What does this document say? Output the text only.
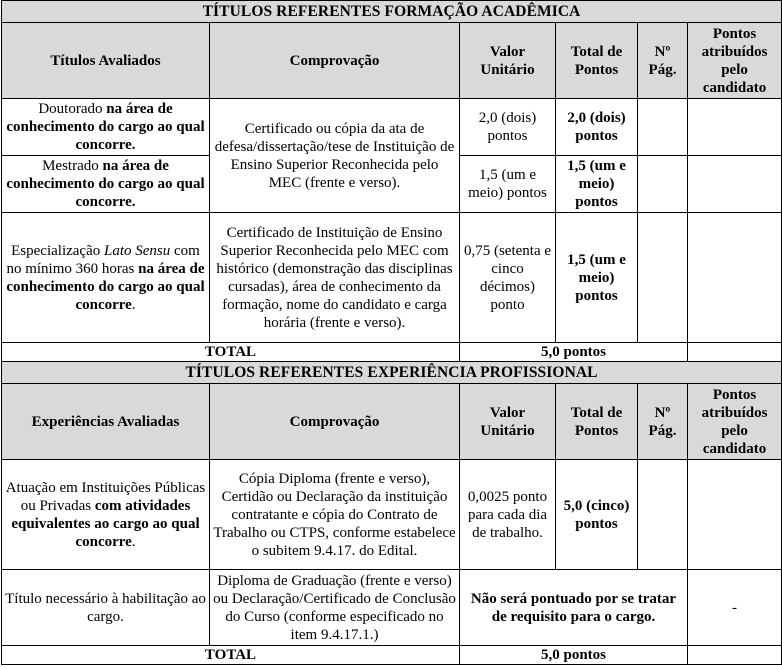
TÍTULOS REFERENTES FORMAÇÃO ACADÊMICA					
Títulos Avaliados	Comprovação	Valor Unitário	Total de Pontos	Nº Pág.	Pontos atribuídos pelo candidato
Doutorado na área de conhecimento do cargo ao qual concorre.	Certificado ou cópia da ata de defesa/dissertação/tese de Instituição de Ensino Superior Reconhecida pelo MEC (frente e verso).	2,0 (dois) pontos	2,0 (dois) pontos		
Mestrado na área de conhecimento do cargo ao qual concorre.		1,5 (um e meio) pontos	1,5 (um e meio) pontos		
Especialização Lato Sensu com no mínimo 360 horas na área de conhecimento do cargo ao qual concorre.	Certificado de Instituição de Ensino Superior Reconhecida pelo MEC com histórico (demonstração das disciplinas cursadas), área de conhecimento da formação, nome do candidato e carga horária (frente e verso).	0,75 (setenta e cinco décimos) ponto	1,5 (um e meio) pontos		
TOTAL		5,0 pontos			
TÍTULOS REFERENTES EXPERIÊNCIA PROFISSIONAL					
Experiências Avaliadas	Comprovação	Valor Unitário	Total de Pontos	Nº Pág.	Pontos atribuídos pelo candidato
Atuação em Instituições Públicas ou Privadas com atividades equivalentes ao cargo ao qual concorre.	Cópia Diploma (frente e verso), Certidão ou Declaração da instituição contratante e cópia do Contrato de Trabalho ou CTPS, conforme estabelece o subitem 9.4.17. do Edital.	0,0025 ponto para cada dia de trabalho.	5,0 (cinco) pontos		
Título necessário à habilitação ao cargo.	Diploma de Graduação (frente e verso) ou Declaração/Certificado de Conclusão do Curso (conforme especificado no item 9.4.17.1.)	Não será pontuado por se tratar de requisito para o cargo.			-
TOTAL		5,0 pontos			
